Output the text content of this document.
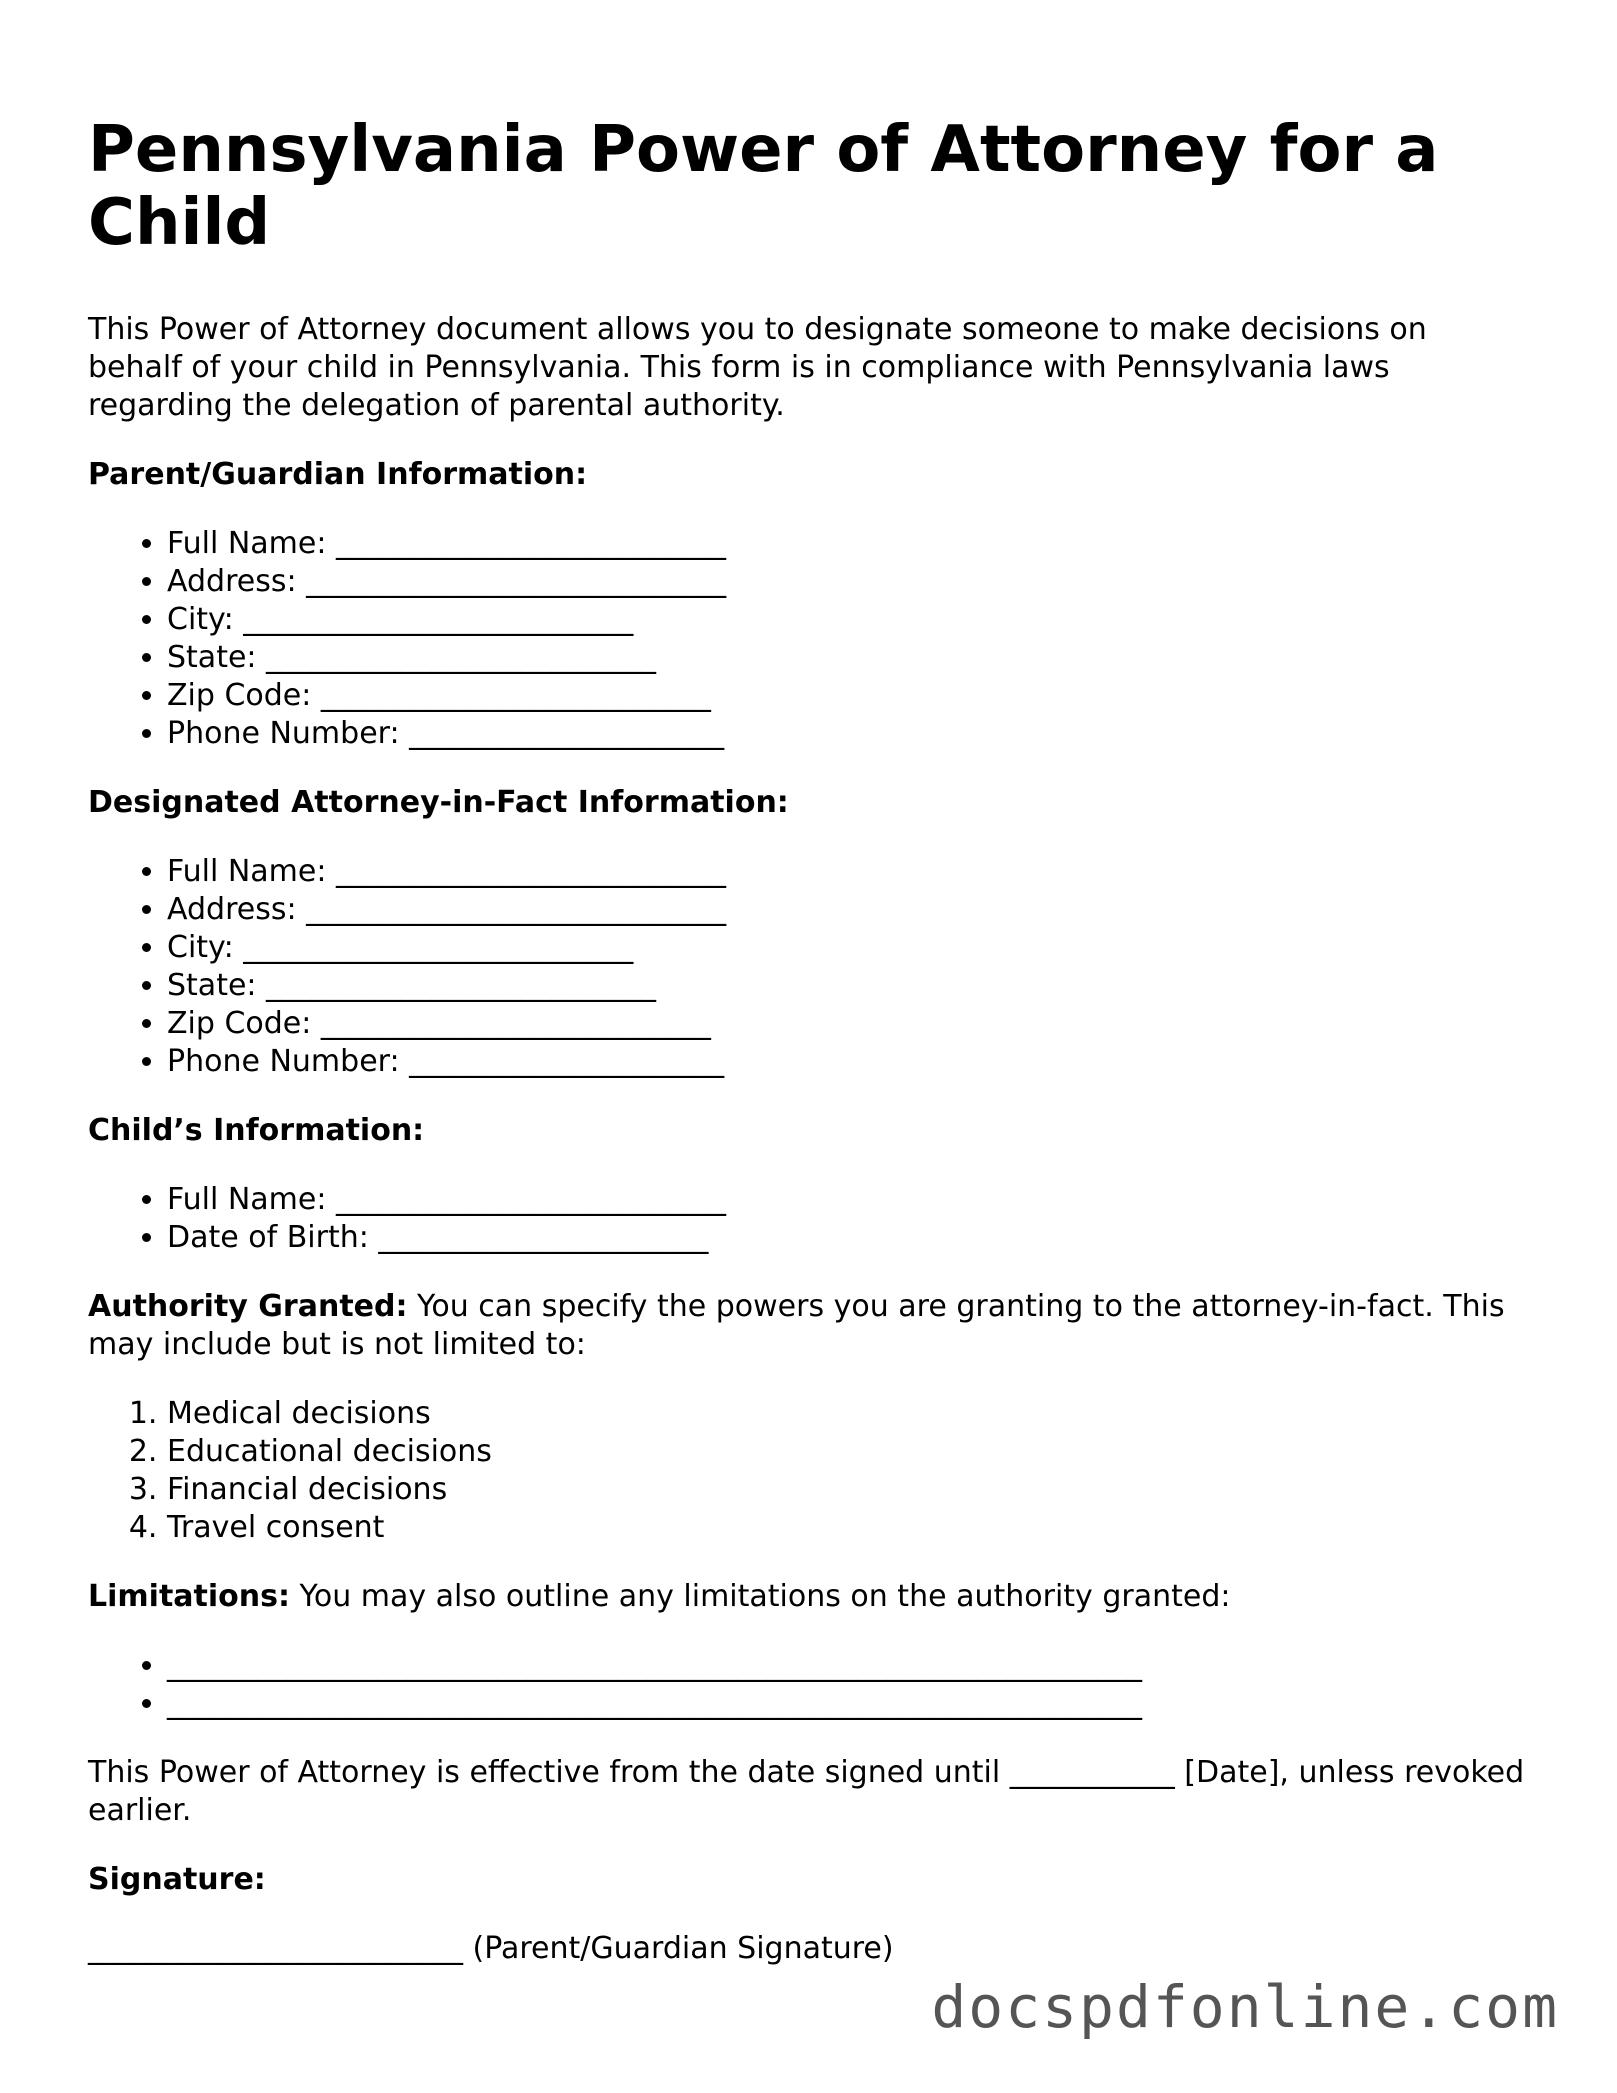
Pennsylvania Power of Attorney for a Child

This Power of Attorney document allows you to designate someone to make decisions on behalf of your child in Pennsylvania. This form is in compliance with Pennsylvania laws regarding the delegation of parental authority.

Parent/Guardian Information:

• Full Name: __________________________
• Address: ____________________________
• City: __________________________
• State: __________________________
• Zip Code: __________________________
• Phone Number: _____________________

Designated Attorney-in-Fact Information:

• Full Name: __________________________
• Address: ____________________________
• City: __________________________
• State: __________________________
• Zip Code: __________________________
• Phone Number: _____________________

Child’s Information:

• Full Name: __________________________
• Date of Birth: ______________________

Authority Granted: You can specify the powers you are granting to the attorney-in-fact. This may include but is not limited to:

1. Medical decisions
2. Educational decisions
3. Financial decisions
4. Travel consent

Limitations: You may also outline any limitations on the authority granted:

• _________________________________________________________________
• _________________________________________________________________

This Power of Attorney is effective from the date signed until ___________ [Date], unless revoked earlier.

Signature:

_________________________ (Parent/Guardian Signature)

docspdfonline.com
